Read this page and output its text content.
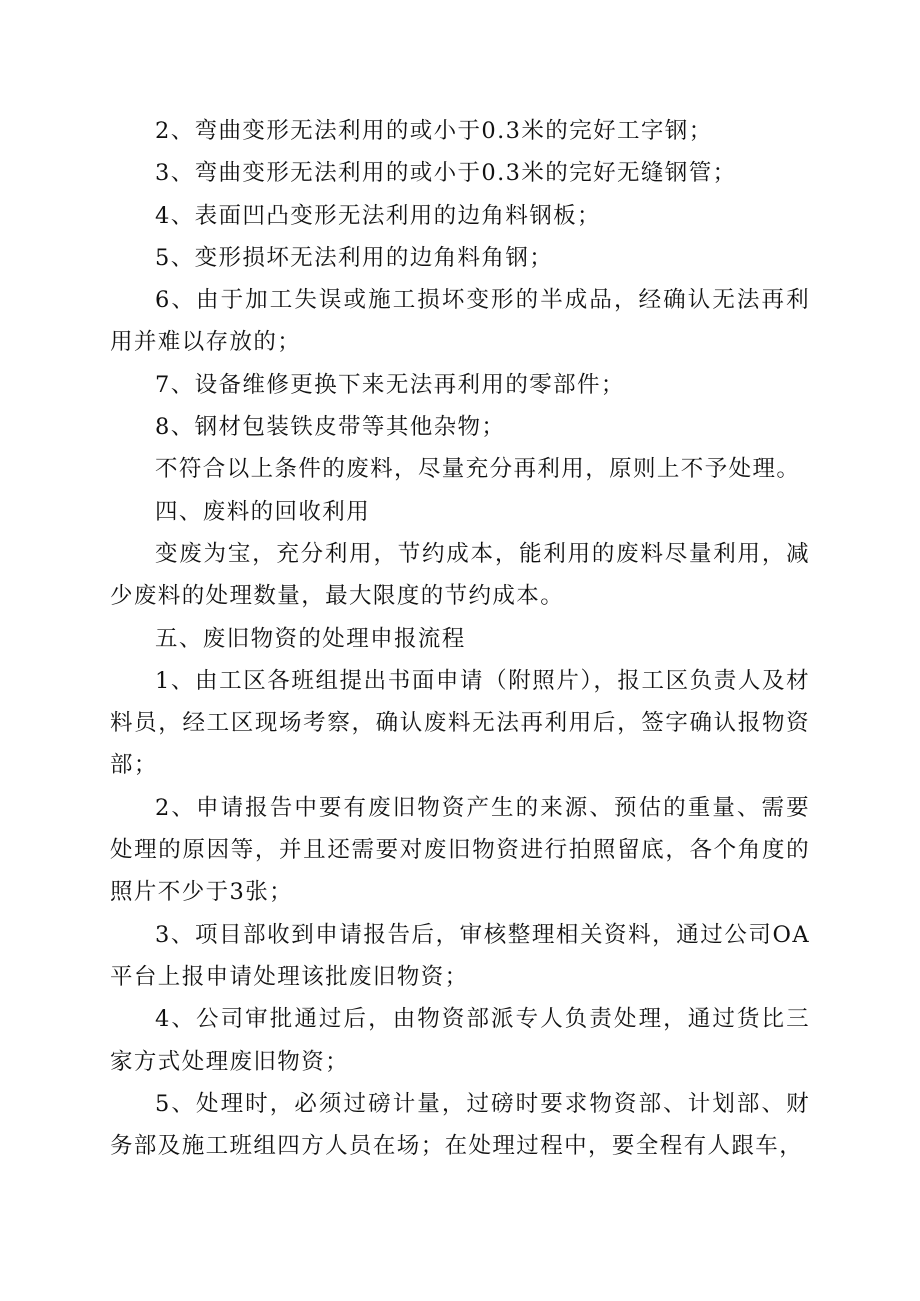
2、弯曲变形无法利用的或小于0.3米的完好工字钢；

3、弯曲变形无法利用的或小于0.3米的完好无缝钢管；

4、表面凹凸变形无法利用的边角料钢板；

5、变形损坏无法利用的边角料角钢；

6、由于加工失误或施工损坏变形的半成品，经确认无法再利用并难以存放的；

7、设备维修更换下来无法再利用的零部件；

8、钢材包装铁皮带等其他杂物；

不符合以上条件的废料，尽量充分再利用，原则上不予处理。

四、废料的回收利用

变废为宝，充分利用，节约成本，能利用的废料尽量利用，减少废料的处理数量，最大限度的节约成本。

五、废旧物资的处理申报流程

1、由工区各班组提出书面申请（附照片），报工区负责人及材料员，经工区现场考察，确认废料无法再利用后，签字确认报物资部；

2、申请报告中要有废旧物资产生的来源、预估的重量、需要处理的原因等，并且还需要对废旧物资进行拍照留底，各个角度的照片不少于3张；

3、项目部收到申请报告后，审核整理相关资料，通过公司OA平台上报申请处理该批废旧物资；

4、公司审批通过后，由物资部派专人负责处理，通过货比三家方式处理废旧物资；

5、处理时，必须过磅计量，过磅时要求物资部、计划部、财务部及施工班组四方人员在场；在处理过程中，要全程有人跟车，
